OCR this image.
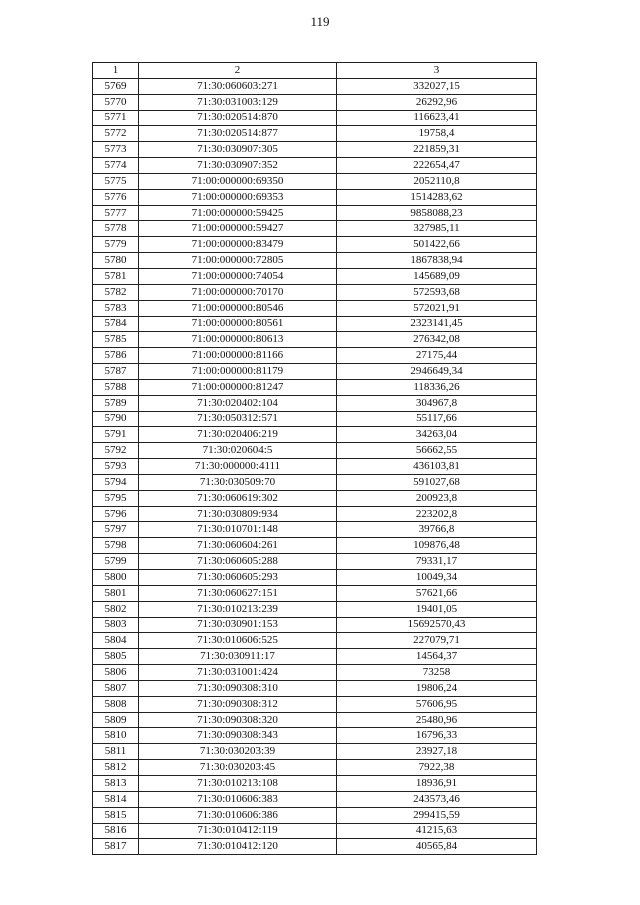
119
1	2	3
5769	71:30:060603:271	332027,15
5770	71:30:031003:129	26292,96
5771	71:30:020514:870	116623,41
5772	71:30:020514:877	19758,4
5773	71:30:030907:305	221859,31
5774	71:30:030907:352	222654,47
5775	71:00:000000:69350	2052110,8
5776	71:00:000000:69353	1514283,62
5777	71:00:000000:59425	9858088,23
5778	71:00:000000:59427	327985,11
5779	71:00:000000:83479	501422,66
5780	71:00:000000:72805	1867838,94
5781	71:00:000000:74054	145689,09
5782	71:00:000000:70170	572593,68
5783	71:00:000000:80546	572021,91
5784	71:00:000000:80561	2323141,45
5785	71:00:000000:80613	276342,08
5786	71:00:000000:81166	27175,44
5787	71:00:000000:81179	2946649,34
5788	71:00:000000:81247	118336,26
5789	71:30:020402:104	304967,8
5790	71:30:050312:571	55117,66
5791	71:30:020406:219	34263,04
5792	71:30:020604:5	56662,55
5793	71:30:000000:4111	436103,81
5794	71:30:030509:70	591027,68
5795	71:30:060619:302	200923,8
5796	71:30:030809:934	223202,8
5797	71:30:010701:148	39766,8
5798	71:30:060604:261	109876,48
5799	71:30:060605:288	79331,17
5800	71:30:060605:293	10049,34
5801	71:30:060627:151	57621,66
5802	71:30:010213:239	19401,05
5803	71:30:030901:153	15692570,43
5804	71:30:010606:525	227079,71
5805	71:30:030911:17	14564,37
5806	71:30:031001:424	73258
5807	71:30:090308:310	19806,24
5808	71:30:090308:312	57606,95
5809	71:30:090308:320	25480,96
5810	71:30:090308:343	16796,33
5811	71:30:030203:39	23927,18
5812	71:30:030203:45	7922,38
5813	71:30:010213:108	18936,91
5814	71:30:010606:383	243573,46
5815	71:30:010606:386	299415,59
5816	71:30:010412:119	41215,63
5817	71:30:010412:120	40565,84
